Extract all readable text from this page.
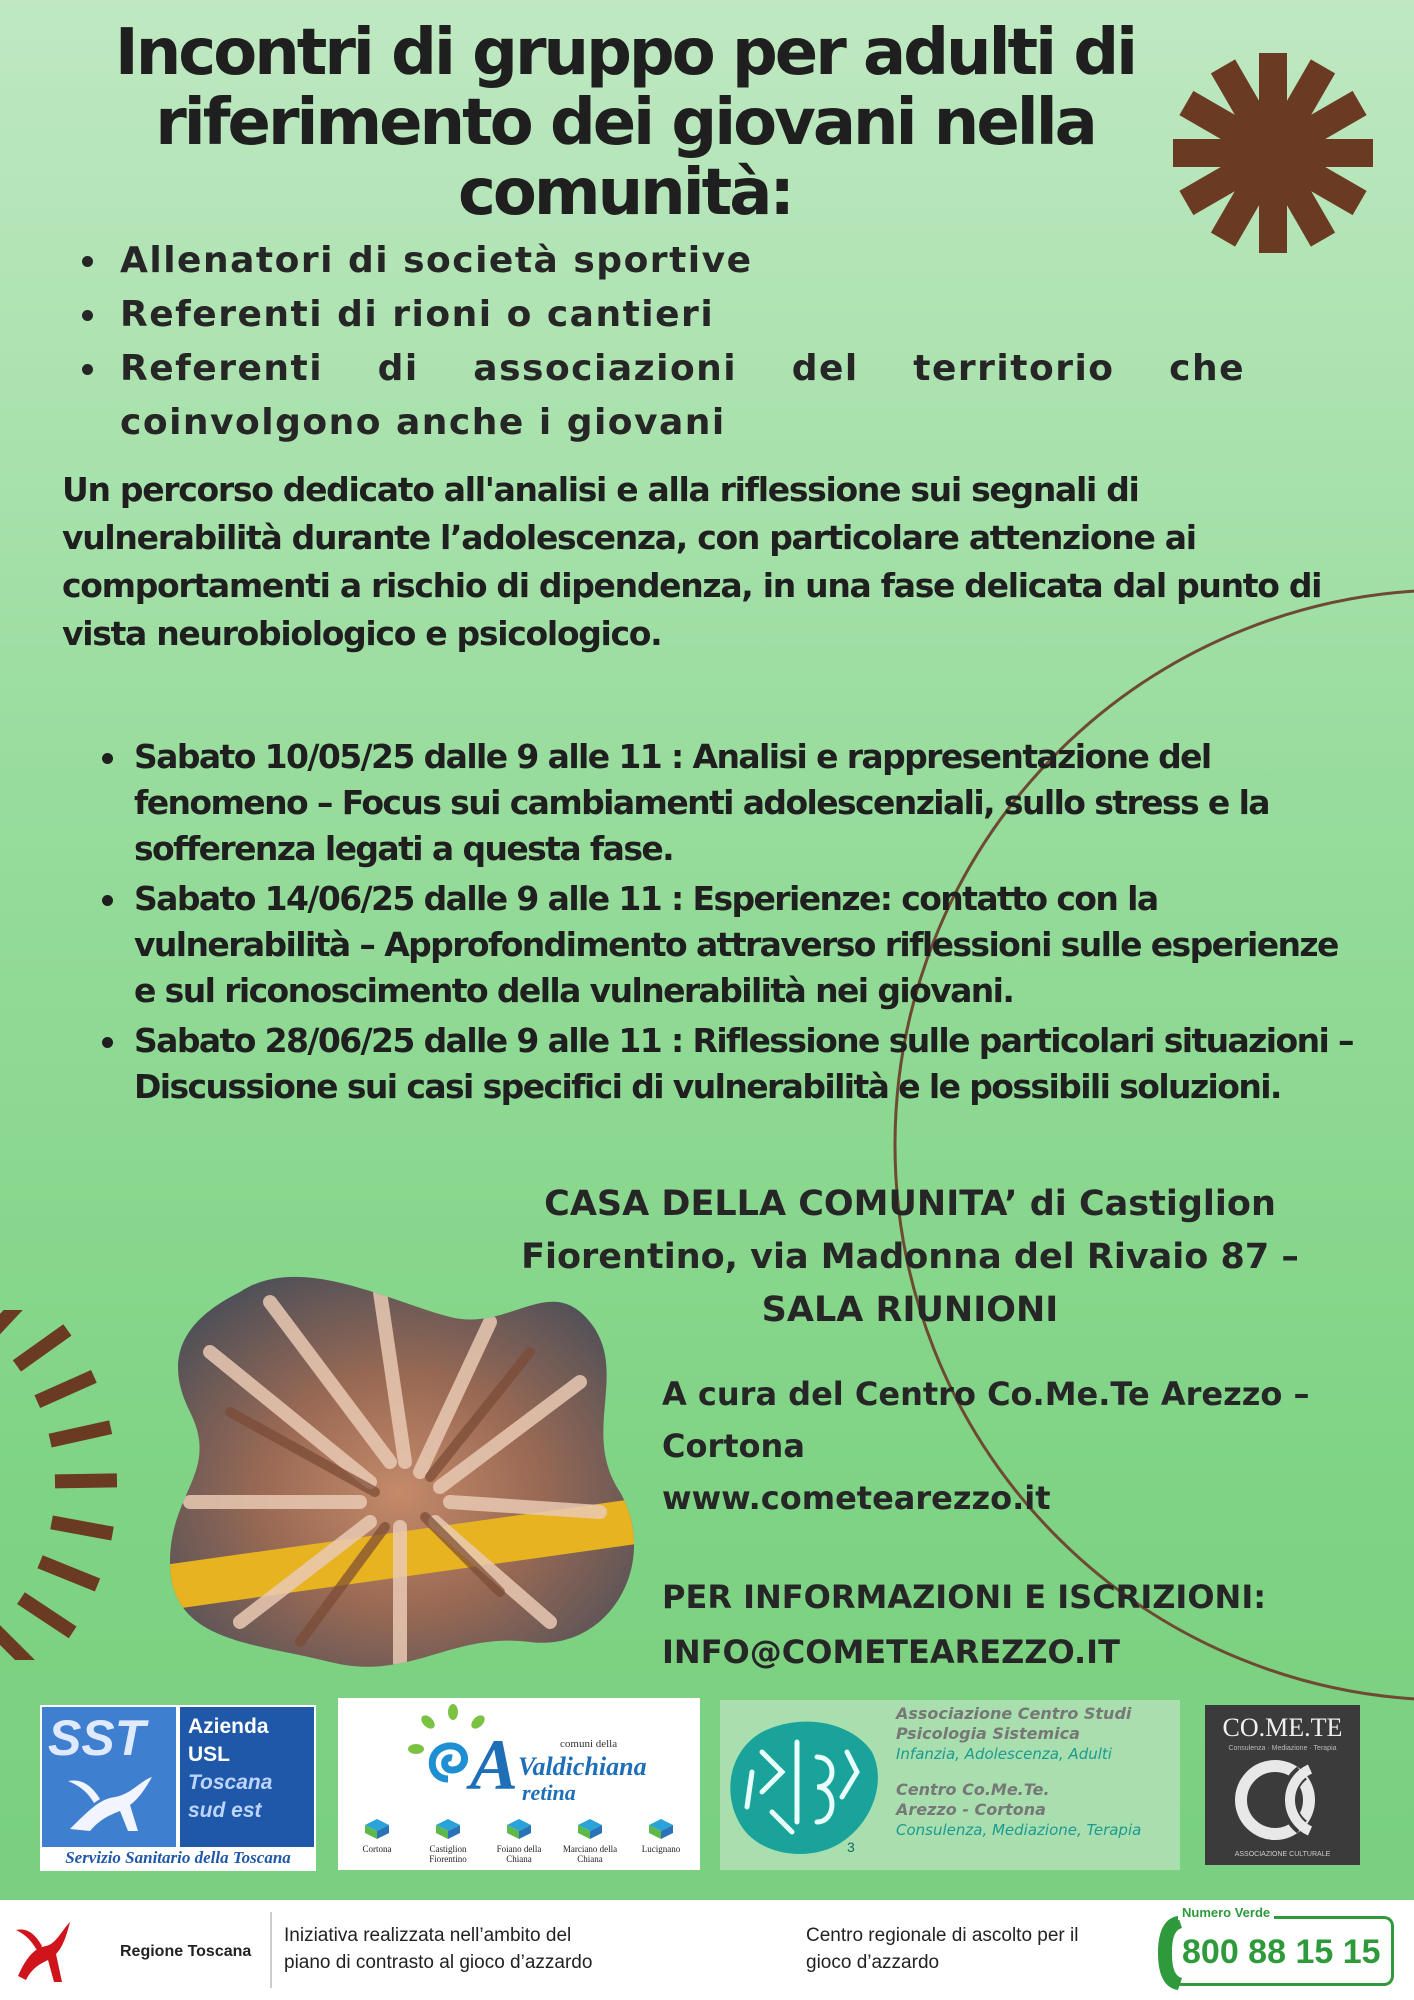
Incontri di gruppo per adulti di riferimento dei giovani nella comunità:
Allenatori di società sportive
Referenti di rioni o cantieri
Referenti di associazioni del territorio che coinvolgono anche i giovani
Un percorso dedicato all'analisi e alla riflessione sui segnali di vulnerabilità durante l’adolescenza, con particolare attenzione ai comportamenti a rischio di dipendenza, in una fase delicata dal punto di vista neurobiologico e psicologico.
Sabato 10/05/25 dalle 9 alle 11 : Analisi e rappresentazione del fenomeno – Focus sui cambiamenti adolescenziali, sullo stress e la sofferenza legati a questa fase.
Sabato 14/06/25 dalle 9 alle 11 : Esperienze: contatto con la vulnerabilità – Approfondimento attraverso riflessioni sulle esperienze e sul riconoscimento della vulnerabilità nei giovani.
Sabato 28/06/25 dalle 9 alle 11 : Riflessione sulle particolari situazioni – Discussione sui casi specifici di vulnerabilità e le possibili soluzioni.
CASA DELLA COMUNITA’ di Castiglion
Fiorentino, via Madonna del Rivaio 87 –
SALA RIUNIONI
A cura del Centro Co.Me.Te Arezzo –
Cortona
www.cometearezzo.it
PER INFORMAZIONI E ISCRIZIONI:
INFO@COMETEAREZZO.IT
SST Azienda
USL
Toscana
sud est
Servizio Sanitario della Toscana
comuni della
A Valdichiana
retina
Cortona	Castiglion Fiorentino
Foiano della Chiana
Marciano della Chiana
Lucignano	3
Associazione Centro Studi
Psicologia Sistemica
Infanzia, Adolescenza, Adulti
Centro Co.Me.Te.
Arezzo - Cortona
Consulenza, Mediazione, Terapia
CO.ME.TE
Consulenza · Mediazione · Terapia
ASSOCIAZIONE CULTURALE
Regione Toscana
Iniziativa realizzata nell’ambito del
piano di contrasto al gioco d’azzardo
Centro regionale di ascolto per il
gioco d’azzardo
Numero Verde
800 88 15 15
